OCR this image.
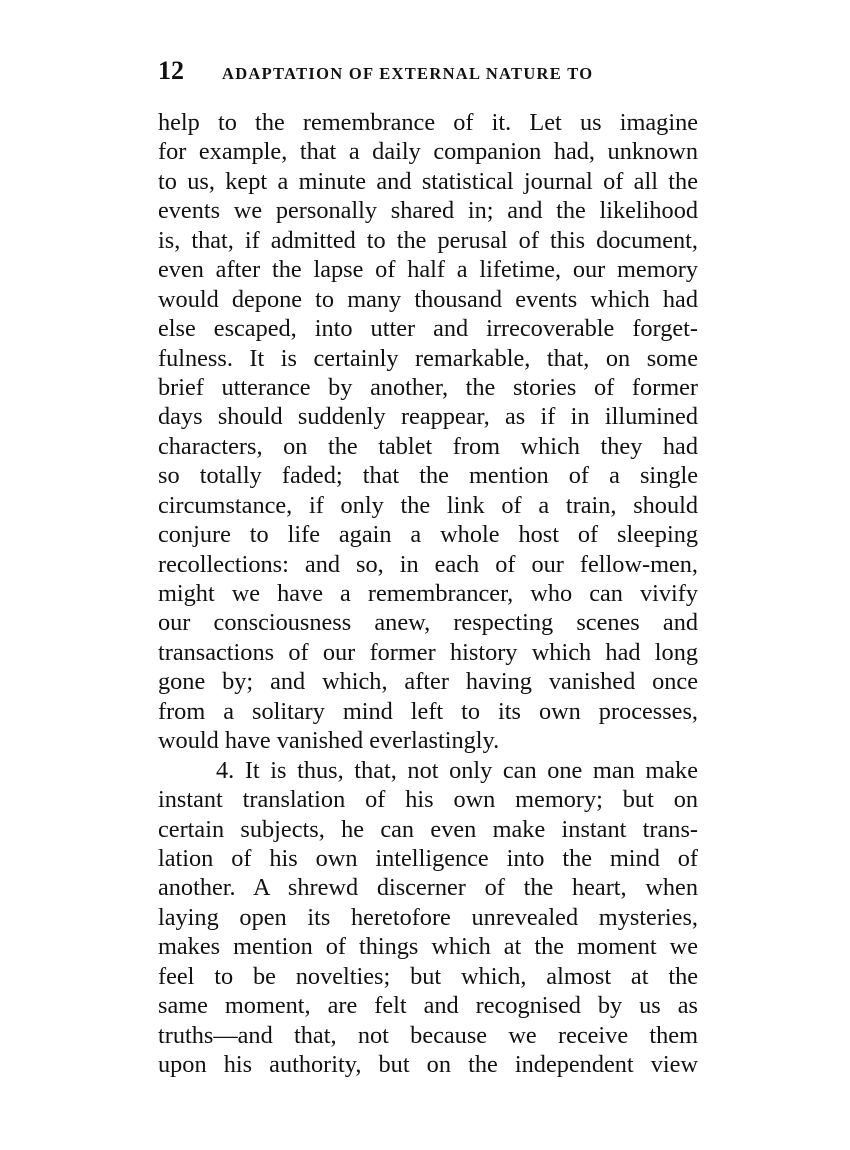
12 ADAPTATION OF EXTERNAL NATURE TO
help to the remembrance of it. Let us imagine
for example, that a daily companion had, unknown
to us, kept a minute and statistical journal of all the
events we personally shared in; and the likelihood
is, that, if admitted to the perusal of this document,
even after the lapse of half a lifetime, our memory
would depone to many thousand events which had
else escaped, into utter and irrecoverable forget-
fulness. It is certainly remarkable, that, on some
brief utterance by another, the stories of former
days should suddenly reappear, as if in illumined
characters, on the tablet from which they had
so totally faded; that the mention of a single
circumstance, if only the link of a train, should
conjure to life again a whole host of sleeping
recollections: and so, in each of our fellow-men,
might we have a remembrancer, who can vivify
our consciousness anew, respecting scenes and
transactions of our former history which had long
gone by; and which, after having vanished once
from a solitary mind left to its own processes,
would have vanished everlastingly.
4. It is thus, that, not only can one man make
instant translation of his own memory; but on
certain subjects, he can even make instant trans-
lation of his own intelligence into the mind of
another. A shrewd discerner of the heart, when
laying open its heretofore unrevealed mysteries,
makes mention of things which at the moment we
feel to be novelties; but which, almost at the
same moment, are felt and recognised by us as
truths—and that, not because we receive them
upon his authority, but on the independent view
